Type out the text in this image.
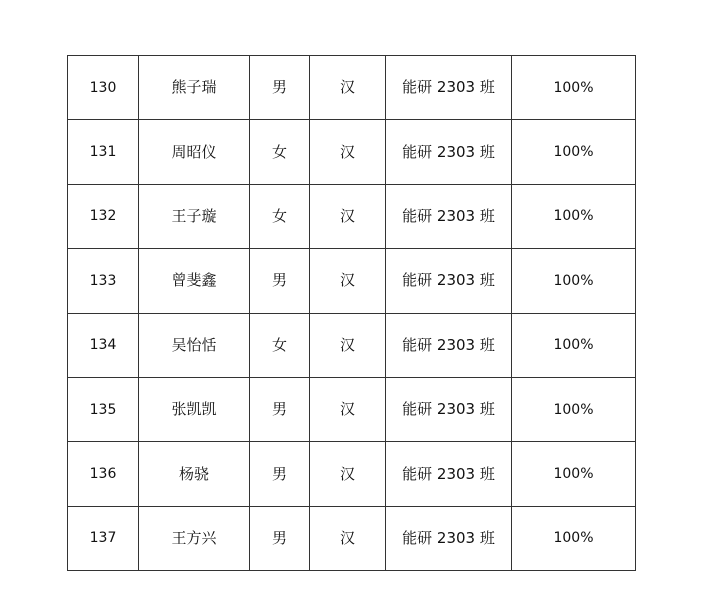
130	熊子瑞	男	汉	能研 2303 班	100%
131	周昭仪	女	汉	能研 2303 班	100%
132	王子璇	女	汉	能研 2303 班	100%
133	曾斐鑫	男	汉	能研 2303 班	100%
134	吴怡恬	女	汉	能研 2303 班	100%
135	张凯凯	男	汉	能研 2303 班	100%
136	杨骁	男	汉	能研 2303 班	100%
137	王方兴	男	汉	能研 2303 班	100%
